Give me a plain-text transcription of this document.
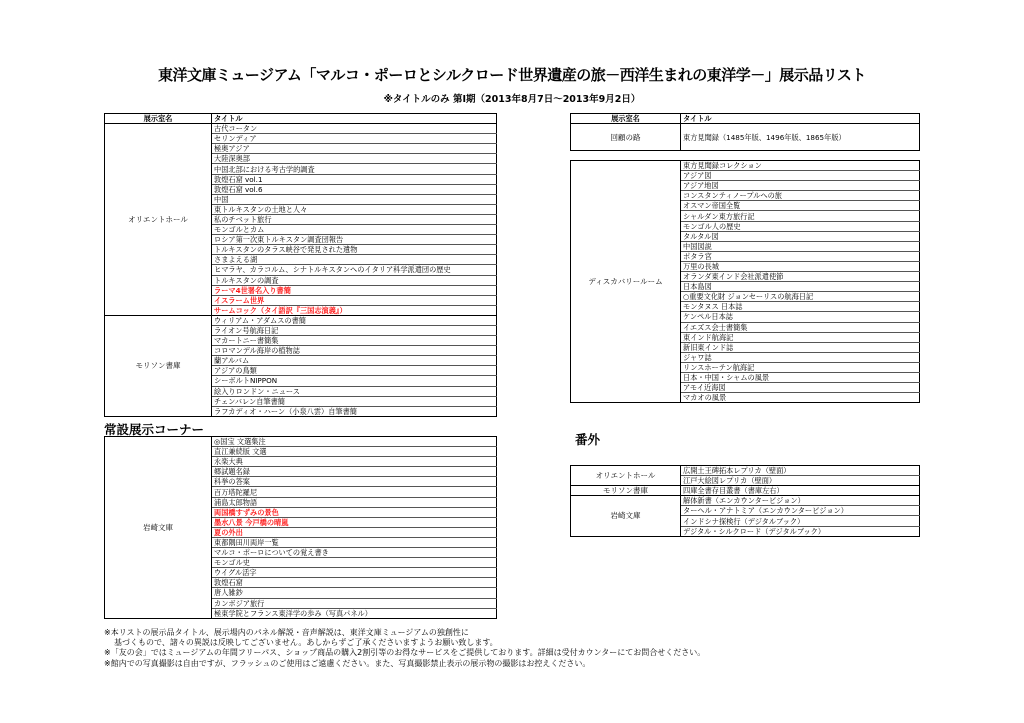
東洋文庫ミュージアム「マルコ・ポーロとシルクロード世界遺産の旅－西洋生まれの東洋学－」展示品リスト
※タイトルのみ 第Ⅰ期（2013年8月7日～2013年9月2日）
展示室名	タイトル
オリエントホール	古代コータン
	セリンディア
	極奥アジア
	大陸深奥部
	中国北部における考古学的調査
	敦煌石窟 vol.1
	敦煌石窟 vol.6
	中国
	東トルキスタンの土地と人々
	私のチベット旅行
	モンゴルとカム
	ロシア第一次東トルキスタン調査団報告
	トルキスタンのタラス峡谷で発見された遺物
	さまよえる湖
	ヒマラヤ、カラコルム、シナトルキスタンへのイタリア科学派遣団の歴史
	トルキスタンの調査
	ラーマ4世署名入り書簡
	イスラーム世界
	サームコック（タイ語訳『三国志演義』）
モリソン書庫	ウィリアム・アダムスの書簡
	ライオン号航海日記
	マカートニー書簡集
	コロマンデル海岸の植物誌
	蘭アルバム
	アジアの鳥類
	シーボルトNIPPON
	絵入りロンドン・ニュース
	チェンバレン自筆書簡
	ラフカディオ・ハーン（小泉八雲）自筆書簡
常設展示コーナー
岩崎文庫	◎国宝 文選集注
直江兼続版 文選
永楽大典
郷試題名録
科挙の答案
百万塔陀羅尼
浦島太郎物語
両国橋すずみの景色
墨水八景 今戸橋の晴嵐
夏の外出
東都隅田川両岸一覧
マルコ・ポーロについての覚え書き
モンゴル史
ウイグル活字
敦煌石窟
唐人雑鈔
カンボジア旅行
極東学院とフランス東洋学の歩み（写真パネル）
展示室名	タイトル
回顧の路	東方見聞録（1485年版、1496年版、1865年版）
ディスカバリールーム	東方見聞録コレクション
アジア図
アジア地図
コンスタンティノープルへの旅
オスマン帝国全覧
シャルダン東方旅行記
モンゴル人の歴史
タルタル図
中国図説
ポタラ宮
万里の長城
オランダ東インド会社派遣使節
日本島図
○重要文化財 ジョンセーリスの航海日記
モンタヌス 日本誌
ケンペル日本誌
イエズス会士書簡集
東インド航海記
新旧東インド誌
ジャワ誌
リンスホーテン航海記
日本・中国・シャムの風景
アモイ近海図
マカオの風景
番外
オリエントホール	広開土王碑拓本レプリカ（壁面）
	江戸大絵図レプリカ（壁面）
モリソン書庫	四庫全書存目叢書（書庫左右）
岩崎文庫	解体新書（エンカウンタービジョン）
	ターヘル・アナトミア（エンカウンタービジョン）
	インドシナ探検行（デジタルブック）
	デジタル・シルクロード（デジタルブック）
※本リストの展示品タイトル、展示場内のパネル解説・音声解説は、東洋文庫ミュージアムの独創性に
基づくもので、諸々の異説は反映してございません。あしからずご了承くださいますようお願い致します。
※「友の会」ではミュージアムの年間フリーパス、ショップ商品の購入2割引等のお得なサービスをご提供しております。詳細は受付カウンターにてお問合せください。
※館内での写真撮影は自由ですが、フラッシュのご使用はご遠慮ください。また、写真撮影禁止表示の展示物の撮影はお控えください。
